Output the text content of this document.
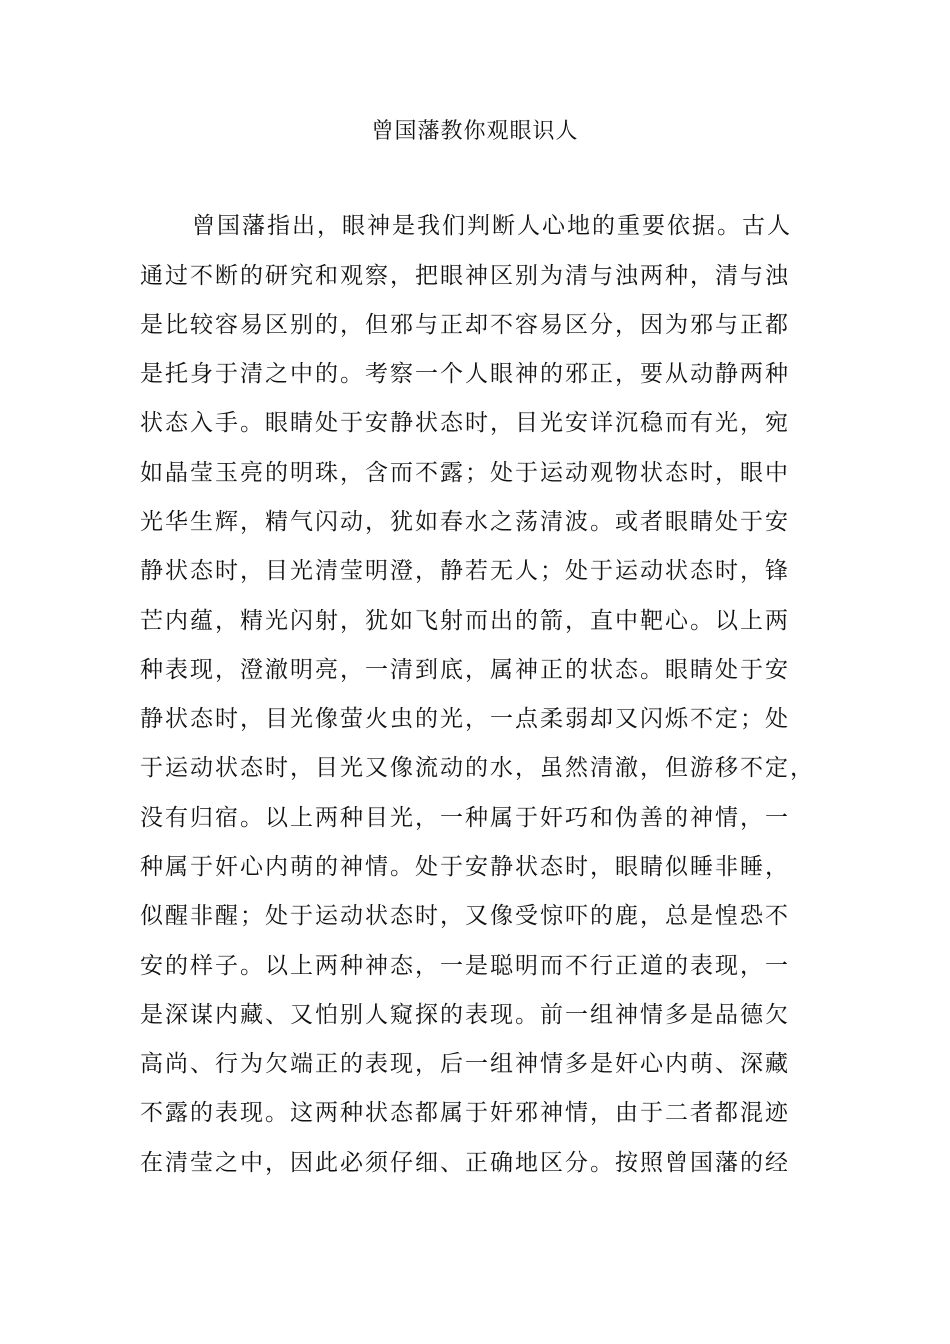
曾国藩教你观眼识人
曾国藩指出，眼神是我们判断人心地的重要依据。古人
通过不断的研究和观察，把眼神区别为清与浊两种，清与浊
是比较容易区别的，但邪与正却不容易区分，因为邪与正都
是托身于清之中的。考察一个人眼神的邪正，要从动静两种
状态入手。眼睛处于安静状态时，目光安详沉稳而有光，宛
如晶莹玉亮的明珠，含而不露；处于运动观物状态时，眼中
光华生辉，精气闪动，犹如春水之荡清波。或者眼睛处于安
静状态时，目光清莹明澄，静若无人；处于运动状态时，锋
芒内蕴，精光闪射，犹如飞射而出的箭，直中靶心。以上两
种表现，澄澈明亮，一清到底，属神正的状态。眼睛处于安
静状态时，目光像萤火虫的光，一点柔弱却又闪烁不定；处
于运动状态时，目光又像流动的水，虽然清澈，但游移不定，
没有归宿。以上两种目光，一种属于奸巧和伪善的神情，一
种属于奸心内萌的神情。处于安静状态时，眼睛似睡非睡，
似醒非醒；处于运动状态时，又像受惊吓的鹿，总是惶恐不
安的样子。以上两种神态，一是聪明而不行正道的表现，一
是深谋内藏、又怕别人窥探的表现。前一组神情多是品德欠
高尚、行为欠端正的表现，后一组神情多是奸心内萌、深藏
不露的表现。这两种状态都属于奸邪神情，由于二者都混迹
在清莹之中，因此必须仔细、正确地区分。按照曾国藩的经
